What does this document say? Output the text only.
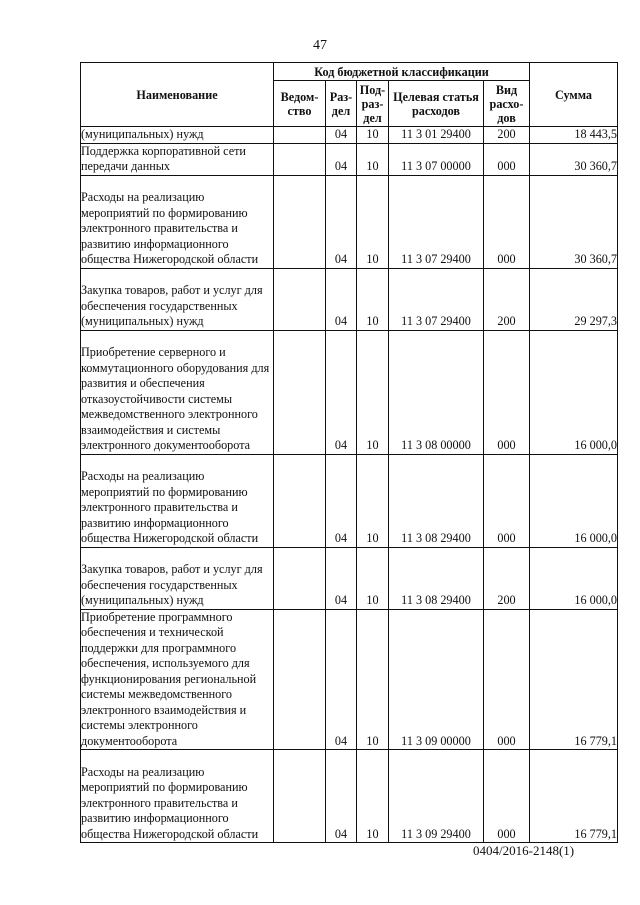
47
Наименование	Код бюджетной классификации					Сумма
	Ведом-ство	Раз-дел	Под-раз-дел	Целевая статья расходов	Вид расхо-дов	
(муниципальных) нужд		04	10	11 3 01 29400	200	18 443,5
Поддержка корпоративной сети передачи данных		04	10	11 3 07 00000	000	30 360,7
Расходы на реализацию мероприятий по формированию электронного правительства и развитию информационного общества Нижегородской области		04	10	11 3 07 29400	000	30 360,7
Закупка товаров, работ и услуг для обеспечения государственных (муниципальных) нужд		04	10	11 3 07 29400	200	29 297,3
Приобретение серверного и коммутационного оборудования для развития и обеспечения отказоустойчивости системы межведомственного электронного взаимодействия и системы электронного документооборота		04	10	11 3 08 00000	000	16 000,0
Расходы на реализацию мероприятий по формированию электронного правительства и развитию информационного общества Нижегородской области		04	10	11 3 08 29400	000	16 000,0
Закупка товаров, работ и услуг для обеспечения государственных (муниципальных) нужд		04	10	11 3 08 29400	200	16 000,0
Приобретение программного обеспечения и технической поддержки для программного обеспечения, используемого для функционирования региональной системы межведомственного электронного взаимодействия и системы электронного документооборота		04	10	11 3 09 00000	000	16 779,1
Расходы на реализацию мероприятий по формированию электронного правительства и развитию информационного общества Нижегородской области		04	10	11 3 09 29400	000	16 779,1
0404/2016-2148(1)
